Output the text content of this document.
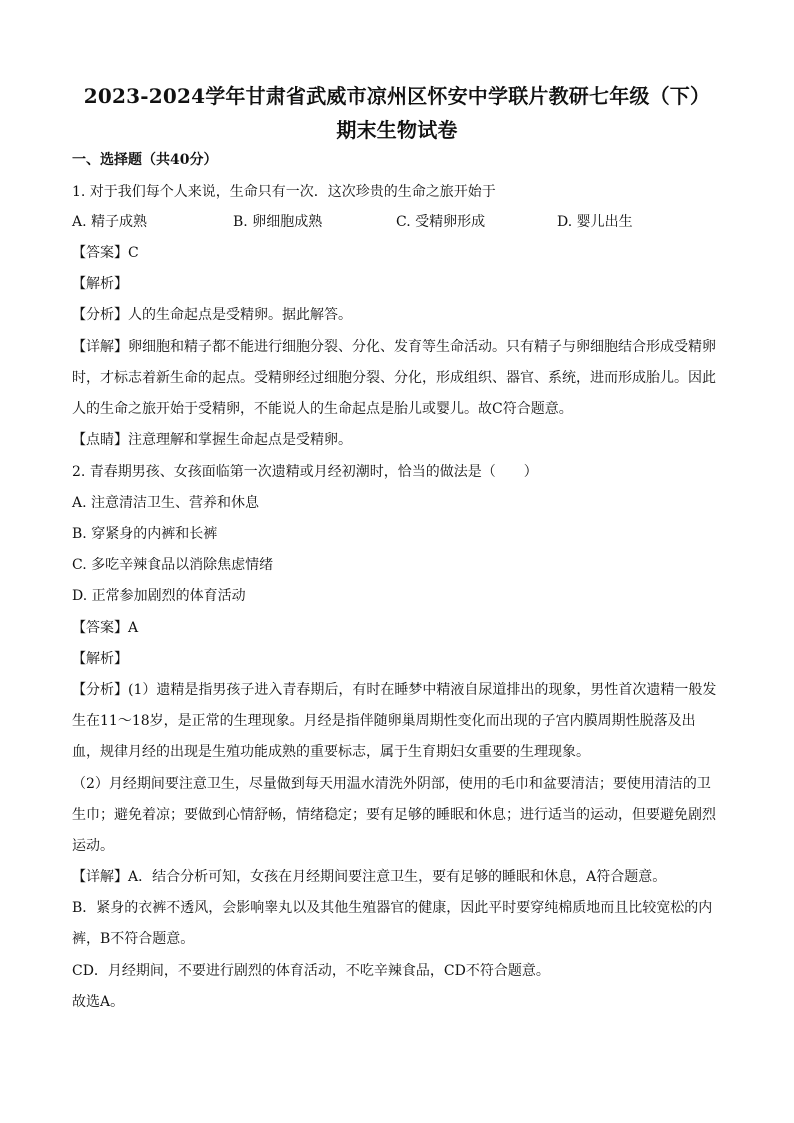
2023-2024学年甘肃省武威市凉州区怀安中学联片教研七年级（下）
期末生物试卷
一、选择题（共40分）
1. 对于我们每个人来说，生命只有一次．这次珍贵的生命之旅开始于
A. 精子成熟	B. 卵细胞成熟	C. 受精卵形成	D. 婴儿出生
【答案】C
【解析】
【分析】人的生命起点是受精卵。据此解答。
【详解】卵细胞和精子都不能进行细胞分裂、分化、发育等生命活动。只有精子与卵细胞结合形成受精卵
时，才标志着新生命的起点。受精卵经过细胞分裂、分化，形成组织、器官、系统，进而形成胎儿。因此
人的生命之旅开始于受精卵，不能说人的生命起点是胎儿或婴儿。故C符合题意。
【点睛】注意理解和掌握生命起点是受精卵。
2. 青春期男孩、女孩面临第一次遗精或月经初潮时，恰当的做法是（　　）
A. 注意清洁卫生、营养和休息
B. 穿紧身的内裤和长裤
C. 多吃辛辣食品以消除焦虑情绪
D. 正常参加剧烈的体育活动
【答案】A
【解析】
【分析】(1）遗精是指男孩子进入青春期后，有时在睡梦中精液自尿道排出的现象，男性首次遗精一般发
生在11～18岁，是正常的生理现象。月经是指伴随卵巢周期性变化而出现的子宫内膜周期性脱落及出
血，规律月经的出现是生殖功能成熟的重要标志，属于生育期妇女重要的生理现象。
（2）月经期间要注意卫生，尽量做到每天用温水清洗外阴部，使用的毛巾和盆要清洁；要使用清洁的卫
生巾；避免着凉；要做到心情舒畅，情绪稳定；要有足够的睡眠和休息；进行适当的运动，但要避免剧烈
运动。
【详解】A．结合分析可知，女孩在月经期间要注意卫生，要有足够的睡眠和休息，A符合题意。
B．紧身的衣裤不透风，会影响睾丸以及其他生殖器官的健康，因此平时要穿纯棉质地而且比较宽松的内
裤，B不符合题意。
CD．月经期间，不要进行剧烈的体育活动，不吃辛辣食品，CD不符合题意。
故选A。
